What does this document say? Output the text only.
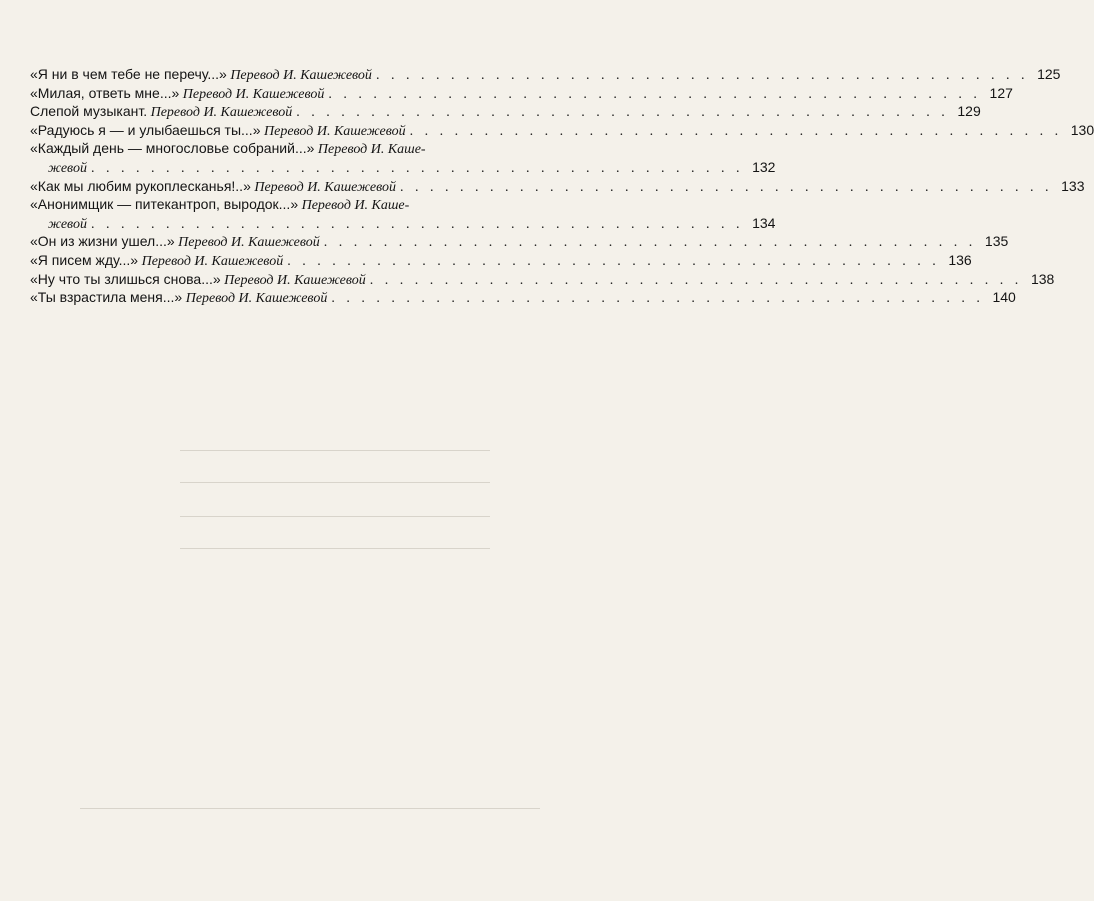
«Я ни в чем тебе не перечу...» Перевод И. Кашежевой . . .	125
«Милая, ответь мне...» Перевод И. Кашежевой . . .	127
Слепой музыкант. Перевод И. Кашежевой . . .	129
«Радуюсь я — и улыбаешься ты...» Перевод И. Кашежевой . . .	130
«Каждый день — многословье собраний...» Перевод И. Каше-
жевой . . .	132
«Как мы любим рукоплесканья!..» Перевод И. Кашежевой . . .	133
«Анонимщик — питекантроп, выродок...» Перевод И. Каше-
жевой . . .	134
«Он из жизни ушел...» Перевод И. Кашежевой . . .	135
«Я писем жду...» Перевод И. Кашежевой . . .	136
«Ну что ты злишься снова...» Перевод И. Кашежевой . . .	138
«Ты взрастила меня...» Перевод И. Кашежевой . . .	140
